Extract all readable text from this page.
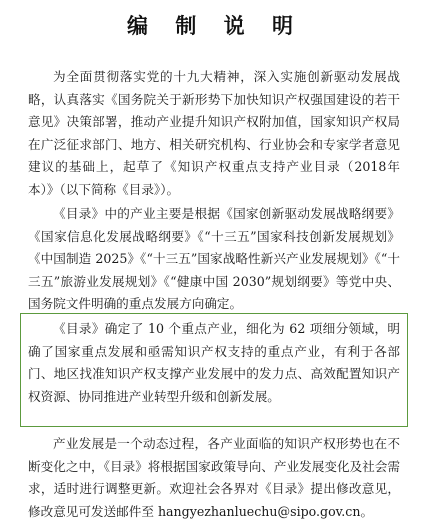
编 制 说 明

为全面贯彻落实党的十九大精神，深入实施创新驱动发展战略，认真落实《国务院关于新形势下加快知识产权强国建设的若干意见》决策部署，推动产业提升知识产权附加值，国家知识产权局在广泛征求部门、地方、相关研究机构、行业协会和专家学者意见建议的基础上，起草了《知识产权重点支持产业目录（2018年本）》（以下简称《目录》）。

《目录》中的产业主要是根据《国家创新驱动发展战略纲要》《国家信息化发展战略纲要》《“十三五”国家科技创新发展规划》《中国制造 2025》《“十三五”国家战略性新兴产业发展规划》《“十三五”旅游业发展规划》《“健康中国 2030”规划纲要》等党中央、国务院文件明确的重点发展方向确定。

《目录》确定了 10 个重点产业，细化为 62 项细分领域，明确了国家重点发展和亟需知识产权支持的重点产业，有利于各部门、地区找准知识产权支撑产业发展中的发力点、高效配置知识产权资源、协同推进产业转型升级和创新发展。

产业发展是一个动态过程，各产业面临的知识产权形势也在不断变化之中，《目录》将根据国家政策导向、产业发展变化及社会需求，适时进行调整更新。欢迎社会各界对《目录》提出修改意见，修改意见可发送邮件至 hangyezhanluechu@sipo.gov.cn。
